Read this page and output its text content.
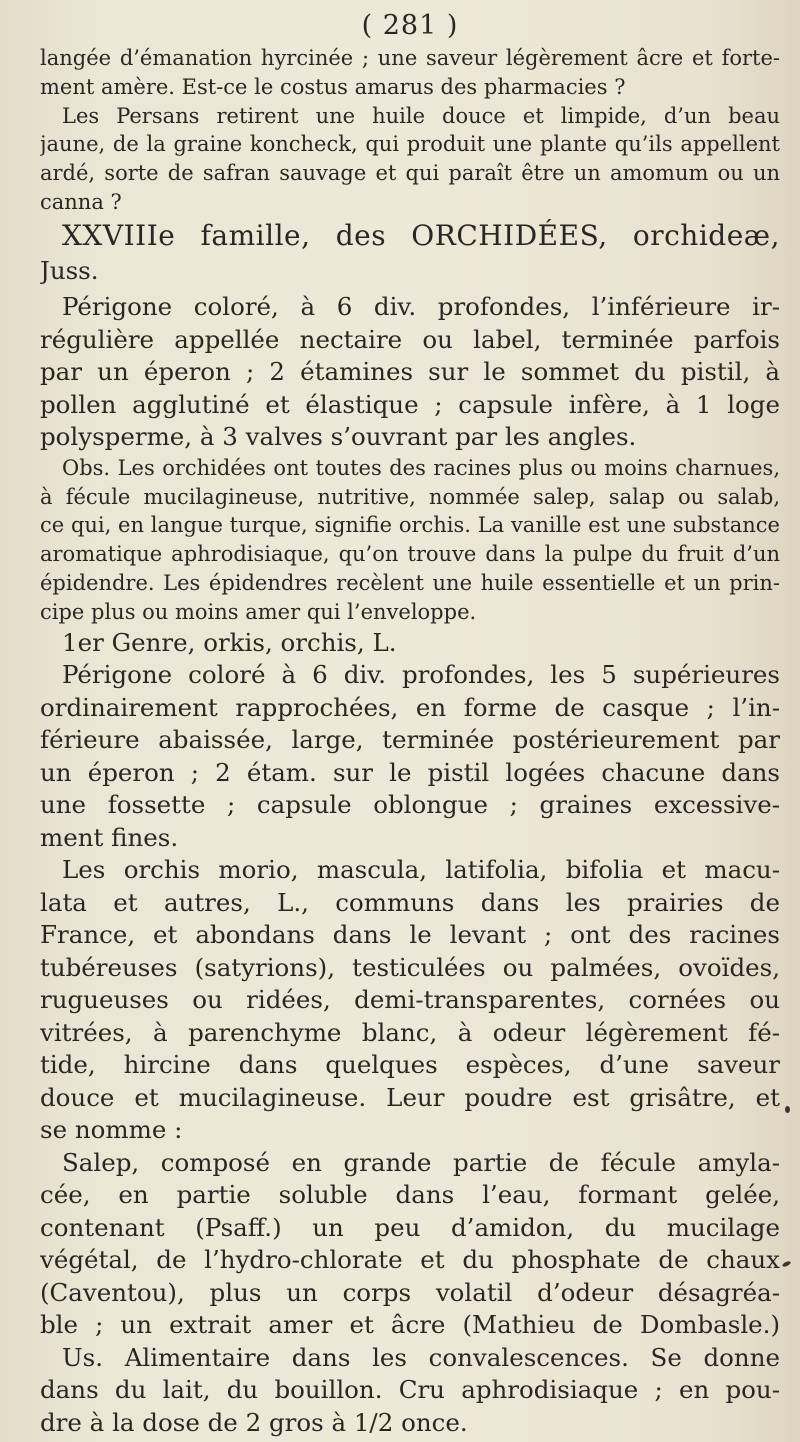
( 281 )
langée d’émanation hyrcinée ; une saveur légèrement âcre et forte-
ment amère. Est-ce le costus amarus des pharmacies ?
Les Persans retirent une huile douce et limpide, d’un beau
jaune, de la graine koncheck, qui produit une plante qu’ils appellent
ardé, sorte de safran sauvage et qui paraît être un amomum ou un
canna ?
XXVIIIe famille, des ORCHIDÉES, orchideæ,
Juss.
Périgone coloré, à 6 div. profondes, l’inférieure ir-
régulière appellée nectaire ou label, terminée parfois
par un éperon ; 2 étamines sur le sommet du pistil, à
pollen agglutiné et élastique ; capsule infère, à 1 loge
polysperme, à 3 valves s’ouvrant par les angles.
Obs. Les orchidées ont toutes des racines plus ou moins charnues,
à fécule mucilagineuse, nutritive, nommée salep, salap ou salab,
ce qui, en langue turque, signifie orchis. La vanille est une substance
aromatique aphrodisiaque, qu’on trouve dans la pulpe du fruit d’un
épidendre. Les épidendres recèlent une huile essentielle et un prin-
cipe plus ou moins amer qui l’enveloppe.
1er Genre, orkis, orchis, L.
Périgone coloré à 6 div. profondes, les 5 supérieures
ordinairement rapprochées, en forme de casque ; l’in-
férieure abaissée, large, terminée postérieurement par
un éperon ; 2 étam. sur le pistil logées chacune dans
une fossette ; capsule oblongue ; graines excessive-
ment fines.
Les orchis morio, mascula, latifolia, bifolia et macu-
lata et autres, L., communs dans les prairies de
France, et abondans dans le levant ; ont des racines
tubéreuses (satyrions), testiculées ou palmées, ovoïdes,
rugueuses ou ridées, demi-transparentes, cornées ou
vitrées, à parenchyme blanc, à odeur légèrement fé-
tide, hircine dans quelques espèces, d’une saveur
douce et mucilagineuse. Leur poudre est grisâtre, et
se nomme :
Salep, composé en grande partie de fécule amyla-
cée, en partie soluble dans l’eau, formant gelée,
contenant (Psaff.) un peu d’amidon, du mucilage
végétal, de l’hydro-chlorate et du phosphate de chaux
(Caventou), plus un corps volatil d’odeur désagréa-
ble ; un extrait amer et âcre (Mathieu de Dombasle.)
Us. Alimentaire dans les convalescences. Se donne
dans du lait, du bouillon. Cru aphrodisiaque ; en pou-
dre à la dose de 2 gros à 1/2 once.
